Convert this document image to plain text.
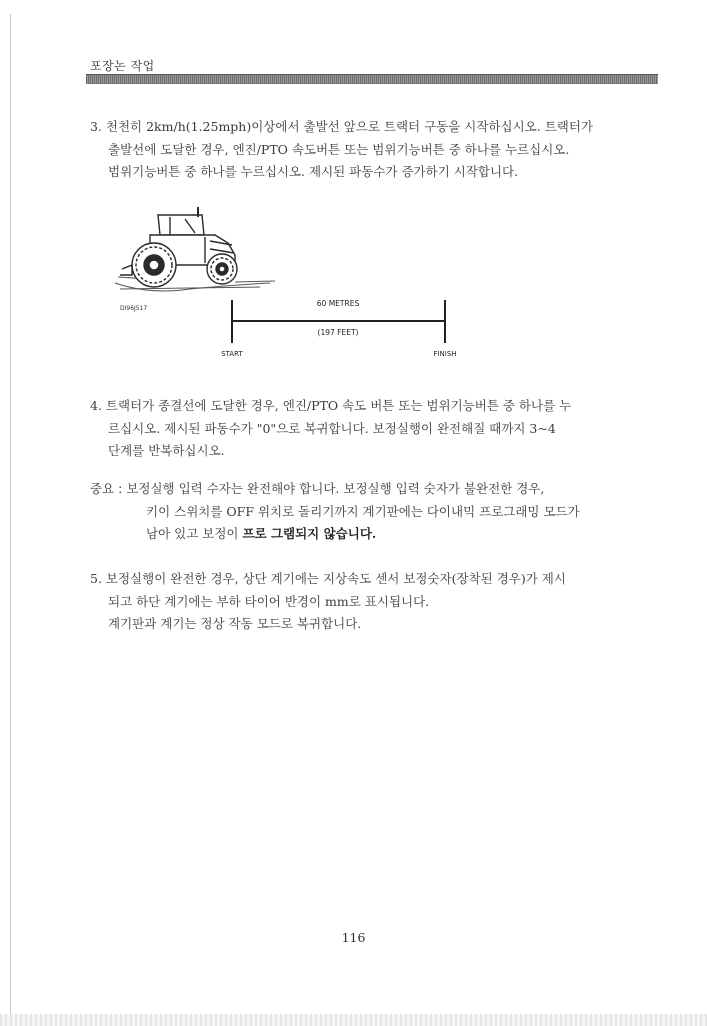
포장논 작업
3. 천천히 2km/h(1.25mph)이상에서 출발선 앞으로 트랙터 구동을 시작하십시오. 트랙터가
출발선에 도달한 경우, 엔진/PTO 속도버튼 또는 범위기능버튼 중 하나를 누르십시오.
범위기능버튼 중 하나를 누르십시오. 제시된 파동수가 증가하기 시작합니다.
DI96J517
60 METRES
(197 FEET)
START	FINISH
4. 트랙터가 종결선에 도달한 경우, 엔진/PTO 속도 버튼 또는 범위기능버튼 중 하나를 누
르십시오. 제시된 파동수가 "0"으로 복귀합니다. 보정실행이 완전해질 때까지 3~4
단계를 반복하십시오.
중요 : 보정실행 입력 수자는 완전해야 합니다. 보정실행 입력 숫자가 불완전한 경우,
키이 스위치를 OFF 위치로 돌리기까지 계기판에는 다이내믹 프로그래밍 모드가
남아 있고 보정이 프로 그램되지 않습니다.
5. 보정실행이 완전한 경우, 상단 계기에는 지상속도 센서 보정숫자(장착된 경우)가 제시
되고 하단 계기에는 부하 타이어 반경이 mm로 표시됩니다.
계기판과 계기는 정상 작동 모드로 복귀합니다.
116
